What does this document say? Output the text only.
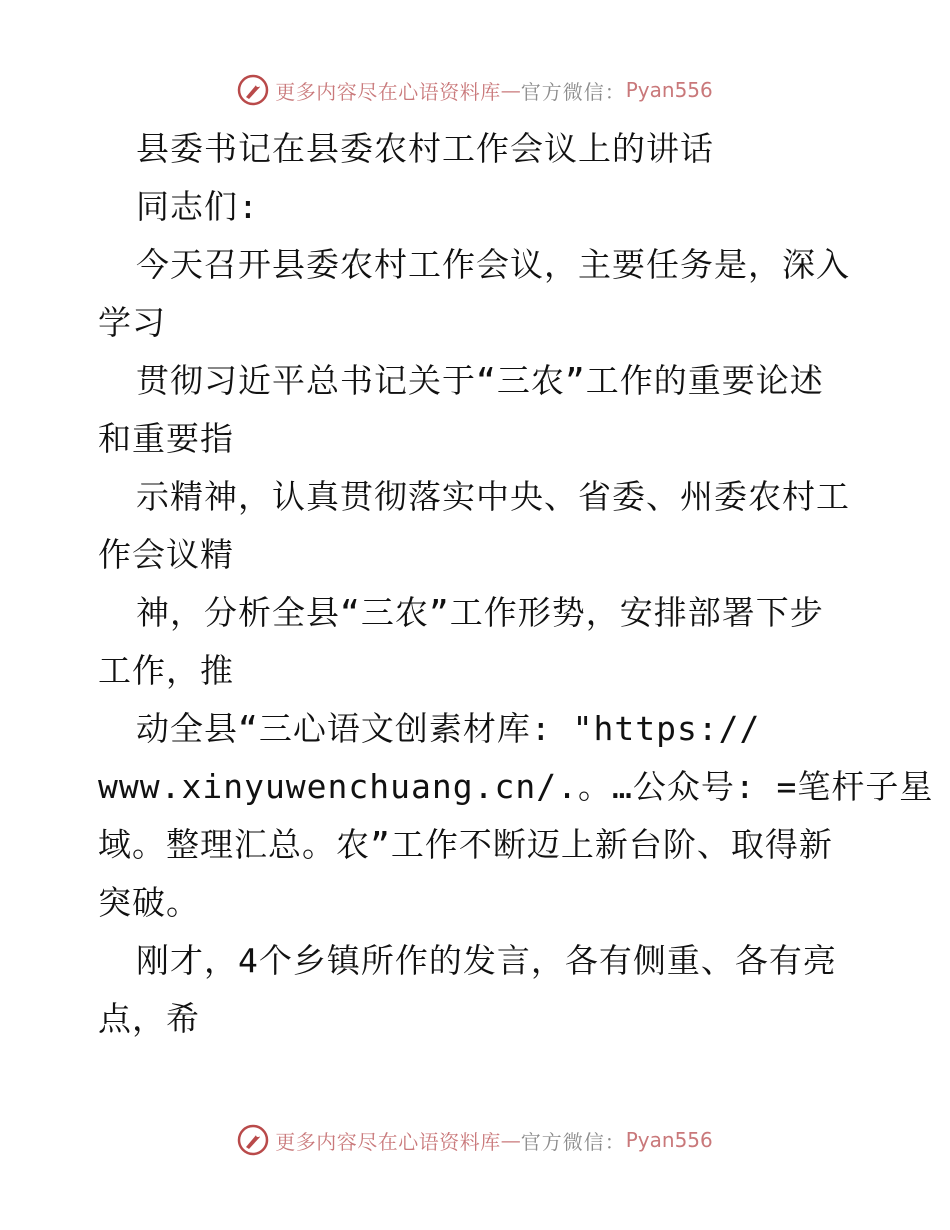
更多内容尽在心语资料库 — 官方微信： Pyan556
县委书记在县委农村工作会议上的讲话
同志们:
今天召开县委农村工作会议，主要任务是，深入
学习
贯彻习近平总书记关于“三农”工作的重要论述
和重要指
示精神，认真贯彻落实中央、省委、州委农村工
作会议精
神，分析全县“三农”工作形势，安排部署下步
工作，推
动全县“三心语文创素材库: "https://
www.xinyuwenchuang.cn/.。…公众号: =笔杆子星
域。整理汇总。农”工作不断迈上新台阶、取得新
突破。
刚才，4个乡镇所作的发言，各有侧重、各有亮
点，希
更多内容尽在心语资料库 — 官方微信： Pyan556
